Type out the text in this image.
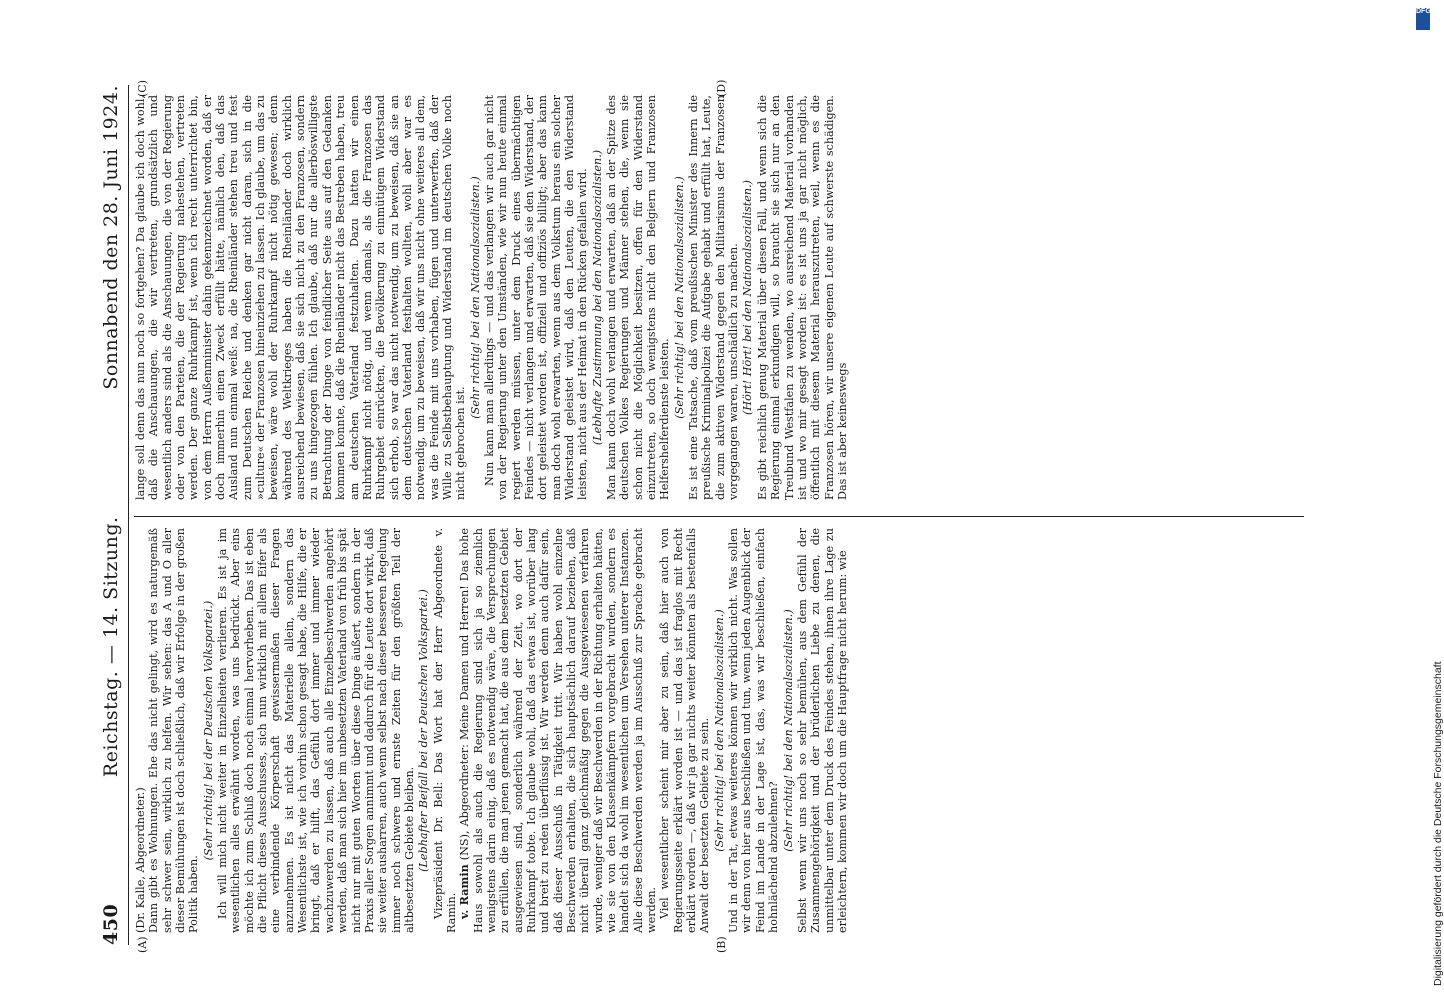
450
Reichstag. — 14. Sitzung.
Sonnabend den 28. Juni 1924.
(A)	(B)
(C)	(D)

(Dr. Kalle, Abgeordneter.) Dann gibt es Wohnungen. Ehe das nicht gelingt, wird es naturgemäß sehr schwer sein, wirklich zu helfen. Wir sehen: das A und O aller dieser Bemühungen ist doch schließlich, daß wir Erfolge in der großen Politik haben.

(Sehr richtig! bei der Deutschen Volkspartei.) Ich will mich nicht weiter in Einzelheiten verlieren. Es ist ja im wesentlichen alles erwähnt worden, was uns bedrückt. Aber eins möchte ich zum Schluß doch noch einmal hervorheben. Das ist eben die Pflicht dieses Ausschusses, sich nun wirklich mit allem Eifer als eine verbindende Körperschaft gewissermaßen dieser Fragen anzunehmen. Es ist nicht das Materielle allein, sondern das Wesentlichste ist, wie ich vorhin schon gesagt habe, die Hilfe, die er bringt, daß er hilft, das Gefühl dort immer und immer wieder wachzuwerden zu lassen, daß auch alle Einzelbeschwerden angehört werden, daß man sich hier im unbesetzten Vaterland von früh bis spät nicht nur mit guten Worten über diese Dinge äußert, sondern in der Praxis aller Sorgen annimmt und dadurch für die Leute dort wirkt, daß sie weiter ausharren, auch wenn selbst nach dieser besseren Regelung immer noch schwere und ernste Zeiten für den größten Teil der altbesetzten Gebiete bleiben. (Lebhafter Beifall bei der Deutschen Volkspartei.) Vizepräsident Dr. Bell: Das Wort hat der Herr Abgeordnete v. Ramin. v. Ramin (NS), Abgeordneter: Meine Damen und Herren! Das hohe Haus sowohl als auch die Regierung sind sich ja so ziemlich wenigstens darin einig, daß es notwendig wäre, die Versprechungen zu erfüllen, die man jenen gemacht hat, die aus dem besetzten Gebiet ausgewiesen sind, sonderlich während der Zeit, wo dort der Ruhrkampf tobte. Ich glaube wohl, daß das etwas ist, worüber lang und breit zu reden überflüssig ist. Wir werden denn auch dafür sein, daß dieser Ausschuß in Tätigkeit tritt. Wir haben wohl einzelne Beschwerden erhalten, die sich hauptsächlich darauf beziehen, daß nicht überall ganz gleichmäßig gegen die Ausgewiesenen verfahren wurde, weniger daß wir Beschwerden in der Richtung erhalten hätten, wie sie von den Klassenkämpfern vorgebracht wurden, sondern es handelt sich da wohl im wesentlichen um Versehen unterer Instanzen. Alle diese Beschwerden werden ja im Ausschuß zur Sprache gebracht werden. Viel wesentlicher scheint mir aber zu sein, daß hier auch von Regierungsseite erklärt worden ist — und das ist fraglos mit Recht erklärt worden —, daß wir ja gar nichts weiter könnten als bestenfalls Anwalt der besetzten Gebiete zu sein. (Sehr richtig! bei den Nationalsozialisten.) Und in der Tat, etwas weiteres können wir wirklich nicht. Was sollen wir denn von hier aus beschließen und tun, wenn jeden Augenblick der Feind im Lande in der Lage ist, das, was wir beschließen, einfach hohnlächelnd abzulehnen?

(Sehr richtig! bei den Nationalsozialisten.) Selbst wenn wir uns noch so sehr bemühen, aus dem Gefühl der Zusammengehörigkeit und der brüderlichen Liebe zu denen, die unmittelbar unter dem Druck des Feindes stehen, ihnen ihre Lage zu erleichtern, kommen wir doch um die Hauptfrage nicht herum: wie

lange soll denn das nun noch so fortgehen? Da glaube ich doch wohl, daß die Anschauungen, die wir vertreten, grundsätzlich und wesentlich anders sind als die Anschauungen, die von der Regierung oder von den Parteien, die der Regierung nahestehen, vertreten werden. Der ganze Ruhrkampf ist, wenn ich recht unterrichtet bin, von dem Herrn Außenminister dahin gekennzeichnet worden, daß er doch immerhin einen Zweck erfüllt hätte, nämlich den, daß das Ausland nun einmal weiß: na, die Rheinländer stehen treu und fest zum Deutschen Reiche und denken gar nicht daran, sich in die »culture« der Franzosen hineinziehen zu lassen. Ich glaube, um das zu beweisen, wäre wohl der Ruhrkampf nicht nötig gewesen; denn während des Weltkrieges haben die Rheinländer doch wirklich ausreichend bewiesen, daß sie sich nicht zu den Franzosen, sondern zu uns hingezogen fühlen. Ich glaube, daß nur die allerböswilligste Betrachtung der Dinge von feindlicher Seite aus auf den Gedanken kommen konnte, daß die Rheinländer nicht das Bestreben haben, treu am deutschen Vaterland festzuhalten. Dazu hatten wir einen Ruhrkampf nicht nötig, und wenn damals, als die Franzosen das Ruhrgebiet einrückten, die Bevölkerung zu einmütigem Widerstand sich erhob, so war das nicht notwendig, um zu beweisen, daß sie an dem deutschen Vaterland festhalten wollten, wohl aber war es notwendig, um zu beweisen, daß wir uns nicht ohne weiteres all dem, was die Feinde mit uns vorhaben, fügen und unterwerfen, daß der Wille zu Selbstbehauptung und Widerstand im deutschen Volke noch nicht gebrochen ist.

(Sehr richtig! bei den Nationalsozialisten.) Nun kann man allerdings — und das verlangen wir auch gar nicht von der Regierung unter den Umständen, wie wir nun heute einmal regiert werden müssen, unter dem Druck eines übermächtigen Feindes — nicht verlangen und erwarten, daß sie den Widerstand, der dort geleistet worden ist, offiziell und offiziös billigt; aber das kann man doch wohl erwarten, wenn aus dem Volkstum heraus ein solcher Widerstand geleistet wird, daß den Leuten, die den Widerstand leisten, nicht aus der Heimat in den Rücken gefallen wird. (Lebhafte Zustimmung bei den Nationalsozialisten.) Man kann doch wohl verlangen und erwarten, daß an der Spitze des deutschen Volkes Regierungen und Männer stehen, die, wenn sie schon nicht die Möglichkeit besitzen, offen für den Widerstand einzutreten, so doch wenigstens nicht den Belgiern und Franzosen Helfershelferdienste leisten.

(Sehr richtig! bei den Nationalsozialisten.) Es ist eine Tatsache, daß vom preußischen Minister des Innern die preußische Kriminalpolizei die Aufgabe gehabt und erfüllt hat, Leute, die zum aktiven Widerstand gegen den Militarismus der Franzosen vorgegangen waren, unschädlich zu machen. (Hört! Hört! bei den Nationalsozialisten.) Es gibt reichlich genug Material über diesen Fall, und wenn sich die Regierung einmal erkundigen will, so braucht sie sich nur an den Treubund Westfalen zu wenden, wo ausreichend Material vorhanden ist und wo mir gesagt worden ist: es ist uns ja gar nicht möglich, öffentlich mit diesem Material herauszutreten, weil, wenn es die Franzosen hören, wir unsere eigenen Leute auf schwerste schädigen. Das ist aber keineswegs

DFG
Digitalisierung gefördert durch die Deutsche Forschungsgemeinschaft
